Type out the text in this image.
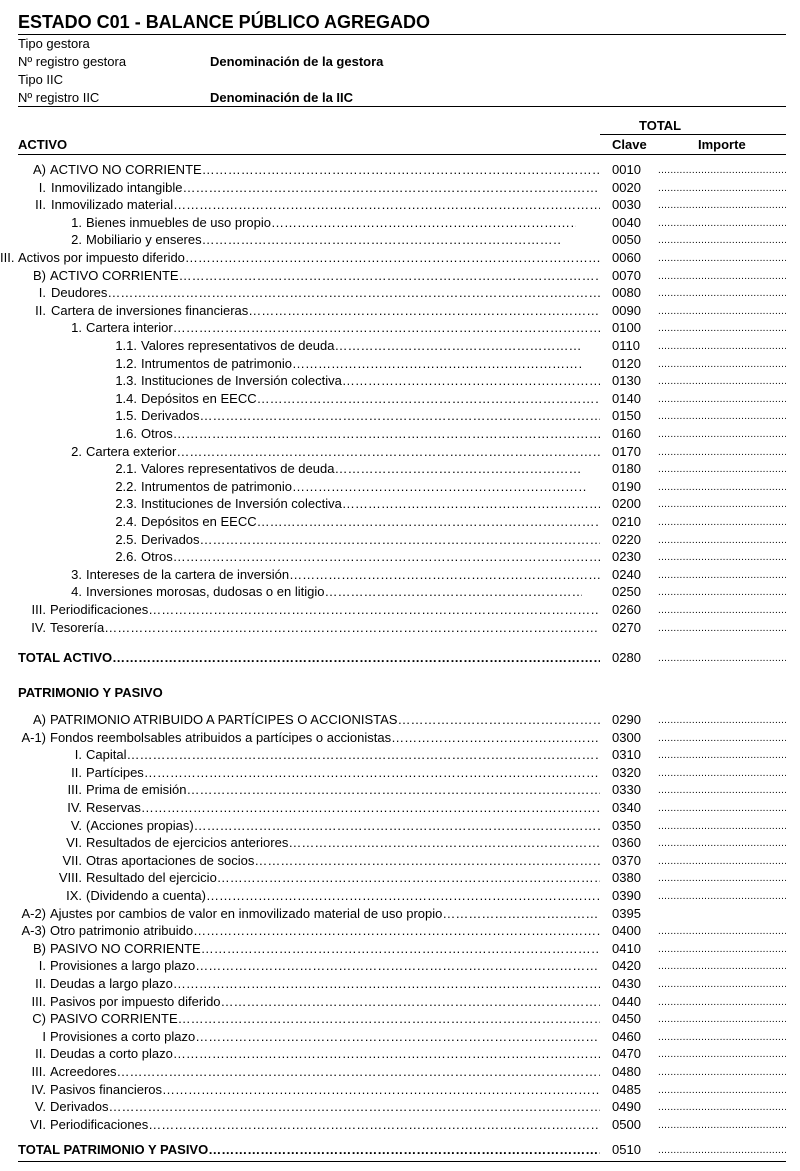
ESTADO C01 - BALANCE PÚBLICO AGREGADO
Tipo gestora
Nº registro gestora	Denominación de la gestora
Tipo IIC
Nº registro IIC	Denominación de la IIC
TOTAL
Clave	Importe
ACTIVO
A) ACTIVO NO CORRIENTE …………………………………………………………………………………………………………………………………………………………………………	0010
.....
I. Inmovilizado intangible …………………………………………………………………………………………………………………………………………………………………………	0020
.....
II. Inmovilizado material …………………………………………………………………………………………………………………………………………………………………………	0030
.....
1. Bienes inmuebles de uso propio …………………………………………………………………………………………………………………………………………………………………………	0040
.....
2. Mobiliario y enseres …………………………………………………………………………………………………………………………………………………………………………	0050
.....
III. Activos por impuesto diferido …………………………………………………………………………………………………………………………………………………………………………	0060
.....
B) ACTIVO CORRIENTE …………………………………………………………………………………………………………………………………………………………………………	0070
.....
I. Deudores …………………………………………………………………………………………………………………………………………………………………………	0080
.....
II. Cartera de inversiones financieras …………………………………………………………………………………………………………………………………………………………………………	0090
.....
1. Cartera interior …………………………………………………………………………………………………………………………………………………………………………	0100
.....
1.1. Valores representativos de deuda …………………………………………………………………………………………………………………………………………………………………………	0110
.....
1.2. Intrumentos de patrimonio …………………………………………………………………………………………………………………………………………………………………………	0120
.....
1.3. Instituciones de Inversión colectiva …………………………………………………………………………………………………………………………………………………………………………	0130
.....
1.4. Depósitos en EECC …………………………………………………………………………………………………………………………………………………………………………	0140
.....
1.5. Derivados …………………………………………………………………………………………………………………………………………………………………………	0150
.....
1.6. Otros …………………………………………………………………………………………………………………………………………………………………………	0160
.....
2. Cartera exterior …………………………………………………………………………………………………………………………………………………………………………	0170
.....
2.1. Valores representativos de deuda …………………………………………………………………………………………………………………………………………………………………………	0180
.....
2.2. Intrumentos de patrimonio …………………………………………………………………………………………………………………………………………………………………………	0190
.....
2.3. Instituciones de Inversión colectiva …………………………………………………………………………………………………………………………………………………………………………	0200
.....
2.4. Depósitos en EECC …………………………………………………………………………………………………………………………………………………………………………	0210
.....
2.5. Derivados …………………………………………………………………………………………………………………………………………………………………………	0220
.....
2.6. Otros …………………………………………………………………………………………………………………………………………………………………………	0230
.....
3. Intereses de la cartera de inversión …………………………………………………………………………………………………………………………………………………………………………	0240
.....
4. Inversiones morosas, dudosas o en litigio …………………………………………………………………………………………………………………………………………………………………………	0250
.....
III. Periodificaciones …………………………………………………………………………………………………………………………………………………………………………	0260
.....
IV. Tesorería …………………………………………………………………………………………………………………………………………………………………………	0270
.....
TOTAL ACTIVO …………………………………………………………………………………………………………………………………………………………………………	0280
.....
PATRIMONIO Y PASIVO
A) PATRIMONIO ATRIBUIDO A PARTÍCIPES O ACCIONISTAS …………………………………………………………………………………………………………………………………………………………………………	0290
.....
A-1) Fondos reembolsables atribuidos a partícipes o accionistas …………………………………………………………………………………………………………………………………………………………………………	0300
.....
I. Capital …………………………………………………………………………………………………………………………………………………………………………	0310
.....
II. Partícipes …………………………………………………………………………………………………………………………………………………………………………	0320
.....
III. Prima de emisión …………………………………………………………………………………………………………………………………………………………………………	0330
.....
IV. Reservas …………………………………………………………………………………………………………………………………………………………………………	0340
.....
V. (Acciones propias) …………………………………………………………………………………………………………………………………………………………………………	0350
.....
VI. Resultados de ejercicios anteriores …………………………………………………………………………………………………………………………………………………………………………	0360
.....
VII. Otras aportaciones de socios …………………………………………………………………………………………………………………………………………………………………………	0370
.....
VIII. Resultado del ejercicio …………………………………………………………………………………………………………………………………………………………………………	0380
.....
IX. (Dividendo a cuenta) …………………………………………………………………………………………………………………………………………………………………………	0390
.....
A-2) Ajustes por cambios de valor en inmovilizado material de uso propio …………………………………………………………………………………………………………………………………………………………………………	0395
A-3) Otro patrimonio atribuido …………………………………………………………………………………………………………………………………………………………………………	0400
.....
B) PASIVO NO CORRIENTE …………………………………………………………………………………………………………………………………………………………………………	0410
.....
I. Provisiones a largo plazo …………………………………………………………………………………………………………………………………………………………………………	0420
.....
II. Deudas a largo plazo …………………………………………………………………………………………………………………………………………………………………………	0430
.....
III. Pasivos por impuesto diferido …………………………………………………………………………………………………………………………………………………………………………	0440
.....
C) PASIVO CORRIENTE …………………………………………………………………………………………………………………………………………………………………………	0450
.....
I Provisiones a corto plazo …………………………………………………………………………………………………………………………………………………………………………	0460
.....
II. Deudas a corto plazo …………………………………………………………………………………………………………………………………………………………………………	0470
.....
III. Acreedores …………………………………………………………………………………………………………………………………………………………………………	0480
.....
IV. Pasivos financieros …………………………………………………………………………………………………………………………………………………………………………	0485
.....
V. Derivados …………………………………………………………………………………………………………………………………………………………………………	0490
.....
VI. Periodificaciones …………………………………………………………………………………………………………………………………………………………………………	0500
.....
TOTAL PATRIMONIO Y PASIVO …………………………………………………………………………………………………………………………………………………………………………	0510
.....
